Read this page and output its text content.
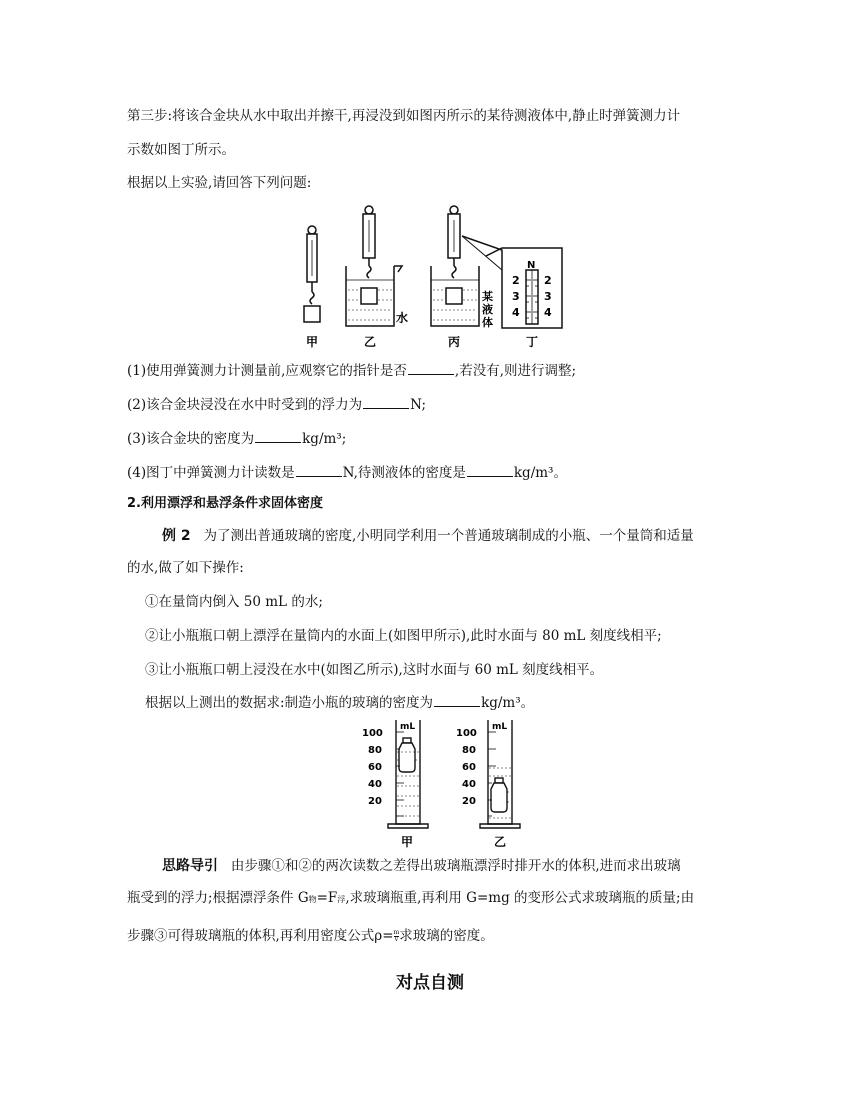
第三步:将该合金块从水中取出并擦干,再浸没到如图丙所示的某待测液体中,静止时弹簧测力计
示数如图丁所示。
根据以上实验,请回答下列问题:
N
2
3
4
2
3
4
水
某
液
体
甲	乙	丙	丁
(1)使用弹簧测力计测量前,应观察它的指针是否	,若没有,则进行调整;
(2)该合金块浸没在水中时受到的浮力为	N;
(3)该合金块的密度为	kg/m³;
(4)图丁中弹簧测力计读数是	N,待测液体的密度是	kg/m³。
2.利用漂浮和悬浮条件求固体密度
例 2 为了测出普通玻璃的密度,小明同学利用一个普通玻璃制成的小瓶、一个量筒和适量
的水,做了如下操作:
①在量筒内倒入 50 mL 的水;
②让小瓶瓶口朝上漂浮在量筒内的水面上(如图甲所示),此时水面与 80 mL 刻度线相平;
③让小瓶瓶口朝上浸没在水中(如图乙所示),这时水面与 60 mL 刻度线相平。
根据以上测出的数据求:制造小瓶的玻璃的密度为	kg/m³。
mL	mL
100
80
60
40
20
100
80
60
40
20
甲	乙
思路导引 由步骤①和②的两次读数之差得出玻璃瓶漂浮时排开水的体积,进而求出玻璃
瓶受到的浮力;根据漂浮条件 G物=F浮,求玻璃瓶重,再利用 G=mg 的变形公式求玻璃瓶的质量;由
步骤③可得玻璃瓶的体积,再利用密度公式$\rho= \frac{m}{V}$ 求玻璃的密度。
对点自测
